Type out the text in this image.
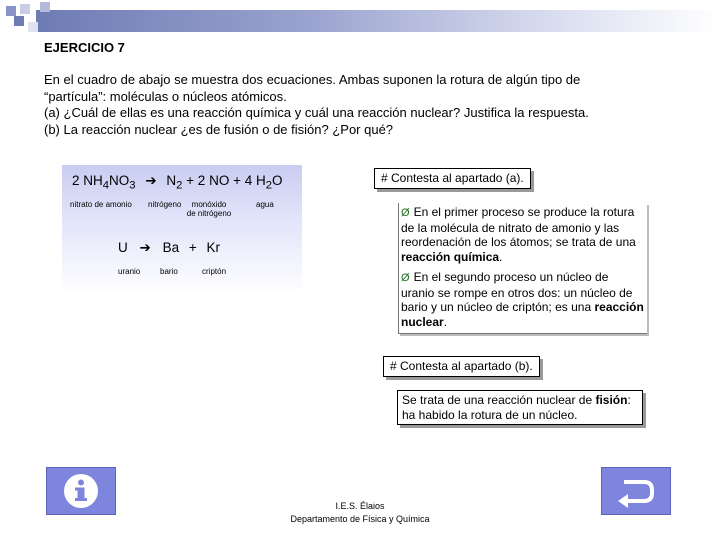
EJERCICIO 7
En el cuadro de abajo se muestra dos ecuaciones. Ambas suponen la rotura de algún tipo de
“partícula”: moléculas o núcleos atómicos.
(a) ¿Cuál de ellas es una reacción química y cuál una reacción nuclear? Justifica la respuesta.
(b) La reacción nuclear ¿es de fusión o de fisión? ¿Por qué?
2 $NH_4NO_3$ ➔ $N_2 + 2$ NO + 4 $H_2O$
nitrato de amonio nitrógeno	monóxido
de nitrógeno
agua
U ➔ Ba + Kr
uranio bario	criptón
# Contesta al apartado (a).

Ø En el primer proceso se produce la rotura de la molécula de nitrato de amonio y las reordenación de los átomos; se trata de una reacción química.

Ø En el segundo proceso un núcleo de uranio se rompe en otros dos: un núcleo de bario y un núcleo de criptón; es una reacción nuclear.

# Contesta al apartado (b).
Se trata de una reacción nuclear de fisión: ha habido la rotura de un núcleo.
I.E.S. Élaios
Departamento de Física y Química
